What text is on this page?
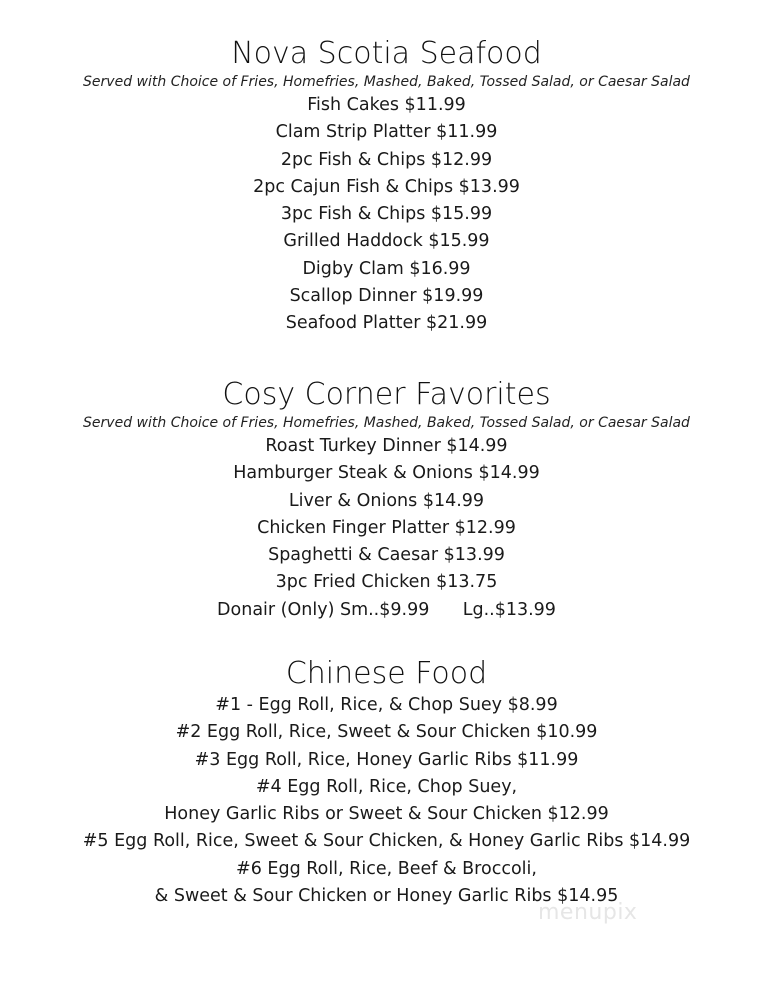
Nova Scotia Seafood

Served with Choice of Fries, Homefries, Mashed, Baked, Tossed Salad, or Caesar Salad

Fish Cakes $11.99
Clam Strip Platter $11.99
2pc Fish & Chips $12.99
2pc Cajun Fish & Chips $13.99
3pc Fish & Chips $15.99
Grilled Haddock $15.99
Digby Clam $16.99
Scallop Dinner $19.99
Seafood Platter $21.99
Cosy Corner Favorites

Served with Choice of Fries, Homefries, Mashed, Baked, Tossed Salad, or Caesar Salad

Roast Turkey Dinner $14.99
Hamburger Steak & Onions $14.99
Liver & Onions $14.99
Chicken Finger Platter $12.99
Spaghetti & Caesar $13.99
3pc Fried Chicken $13.75
Donair (Only) Sm..$9.99      Lg..$13.99
Chinese Food
#1 - Egg Roll, Rice, & Chop Suey $8.99
#2 Egg Roll, Rice, Sweet & Sour Chicken $10.99
#3 Egg Roll, Rice, Honey Garlic Ribs $11.99
#4 Egg Roll, Rice, Chop Suey,
Honey Garlic Ribs or Sweet & Sour Chicken $12.99
#5 Egg Roll, Rice, Sweet & Sour Chicken, & Honey Garlic Ribs $14.99
#6 Egg Roll, Rice, Beef & Broccoli,
& Sweet & Sour Chicken or Honey Garlic Ribs $14.95
menupix
